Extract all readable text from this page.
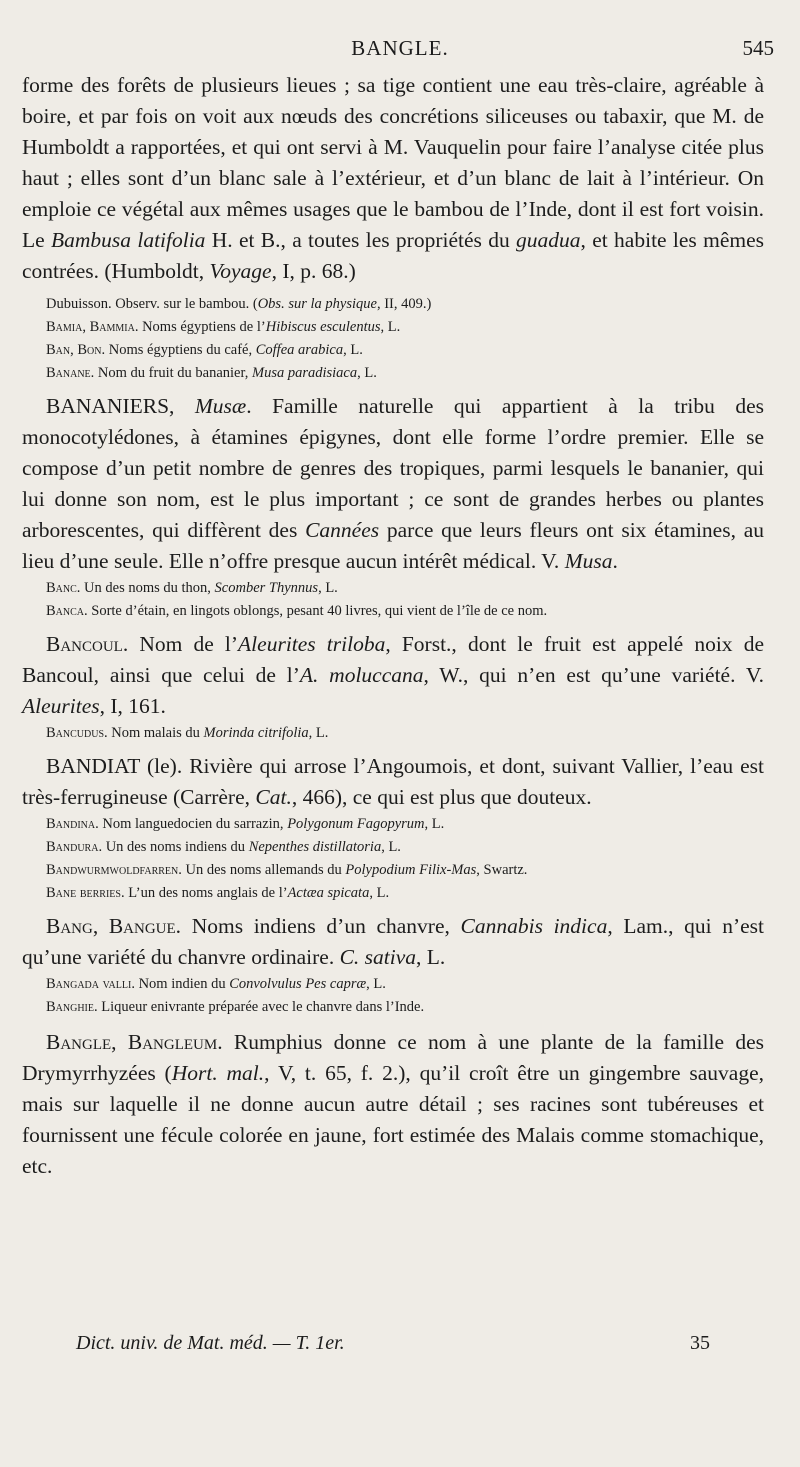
BANGLE.	545

forme des forêts de plusieurs lieues ; sa tige contient une eau très-claire, agréable à boire, et par fois on voit aux nœuds des concrétions siliceuses ou tabaxir, que M. de Humboldt a rapportées, et qui ont servi à M. Vauquelin pour faire l’analyse citée plus haut ; elles sont d’un blanc sale à l’extérieur, et d’un blanc de lait à l’intérieur. On emploie ce végétal aux mêmes usages que le bambou de l’Inde, dont il est fort voisin. Le Bambusa latifolia H. et B., a toutes les propriétés du guadua, et habite les mêmes contrées. (Humboldt, Voyage, I, p. 68.)

Dubuisson. Observ. sur le bambou. (Obs. sur la physique, II, 409.)

Bamia, Bammia. Noms égyptiens de l’Hibiscus esculentus, L.

Ban, Bon. Noms égyptiens du café, Coffea arabica, L.

Banane. Nom du fruit du bananier, Musa paradisiaca, L.

BANANIERS, Musæ. Famille naturelle qui appartient à la tribu des monocotylédones, à étamines épigynes, dont elle forme l’ordre premier. Elle se compose d’un petit nombre de genres des tropiques, parmi lesquels le bananier, qui lui donne son nom, est le plus important ; ce sont de grandes herbes ou plantes arborescentes, qui diffèrent des Cannées parce que leurs fleurs ont six étamines, au lieu d’une seule. Elle n’offre presque aucun intérêt médical. V. Musa.

Banc. Un des noms du thon, Scomber Thynnus, L.

Banca. Sorte d’étain, en lingots oblongs, pesant 40 livres, qui vient de l’île de ce nom.

Bancoul. Nom de l’Aleurites triloba, Forst., dont le fruit est appelé noix de Bancoul, ainsi que celui de l’A. moluccana, W., qui n’en est qu’une variété. V. Aleurites, I, 161.

Bancudus. Nom malais du Morinda citrifolia, L.

BANDIAT (le). Rivière qui arrose l’Angoumois, et dont, suivant Vallier, l’eau est très-ferrugineuse (Carrère, Cat., 466), ce qui est plus que douteux.

Bandina. Nom languedocien du sarrazin, Polygonum Fagopyrum, L.

Bandura. Un des noms indiens du Nepenthes distillatoria, L.

Bandwurmwoldfarren. Un des noms allemands du Polypodium Filix-Mas, Swartz.

Bane berries. L’un des noms anglais de l’Actæa spicata, L.

Bang, Bangue. Noms indiens d’un chanvre, Cannabis indica, Lam., qui n’est qu’une variété du chanvre ordinaire. C. sativa, L.

Bangada valli. Nom indien du Convolvulus Pes capræ, L.

Banghie. Liqueur enivrante préparée avec le chanvre dans l’Inde.

Bangle, Bangleum. Rumphius donne ce nom à une plante de la famille des Drymyrrhyzées (Hort. mal., V, t. 65, f. 2.), qu’il croît être un gingembre sauvage, mais sur laquelle il ne donne aucun autre détail ; ses racines sont tubéreuses et fournissent une fécule colorée en jaune, fort estimée des Malais comme stomachique, etc.

Dict. univ. de Mat. méd. — T. 1er.	35
